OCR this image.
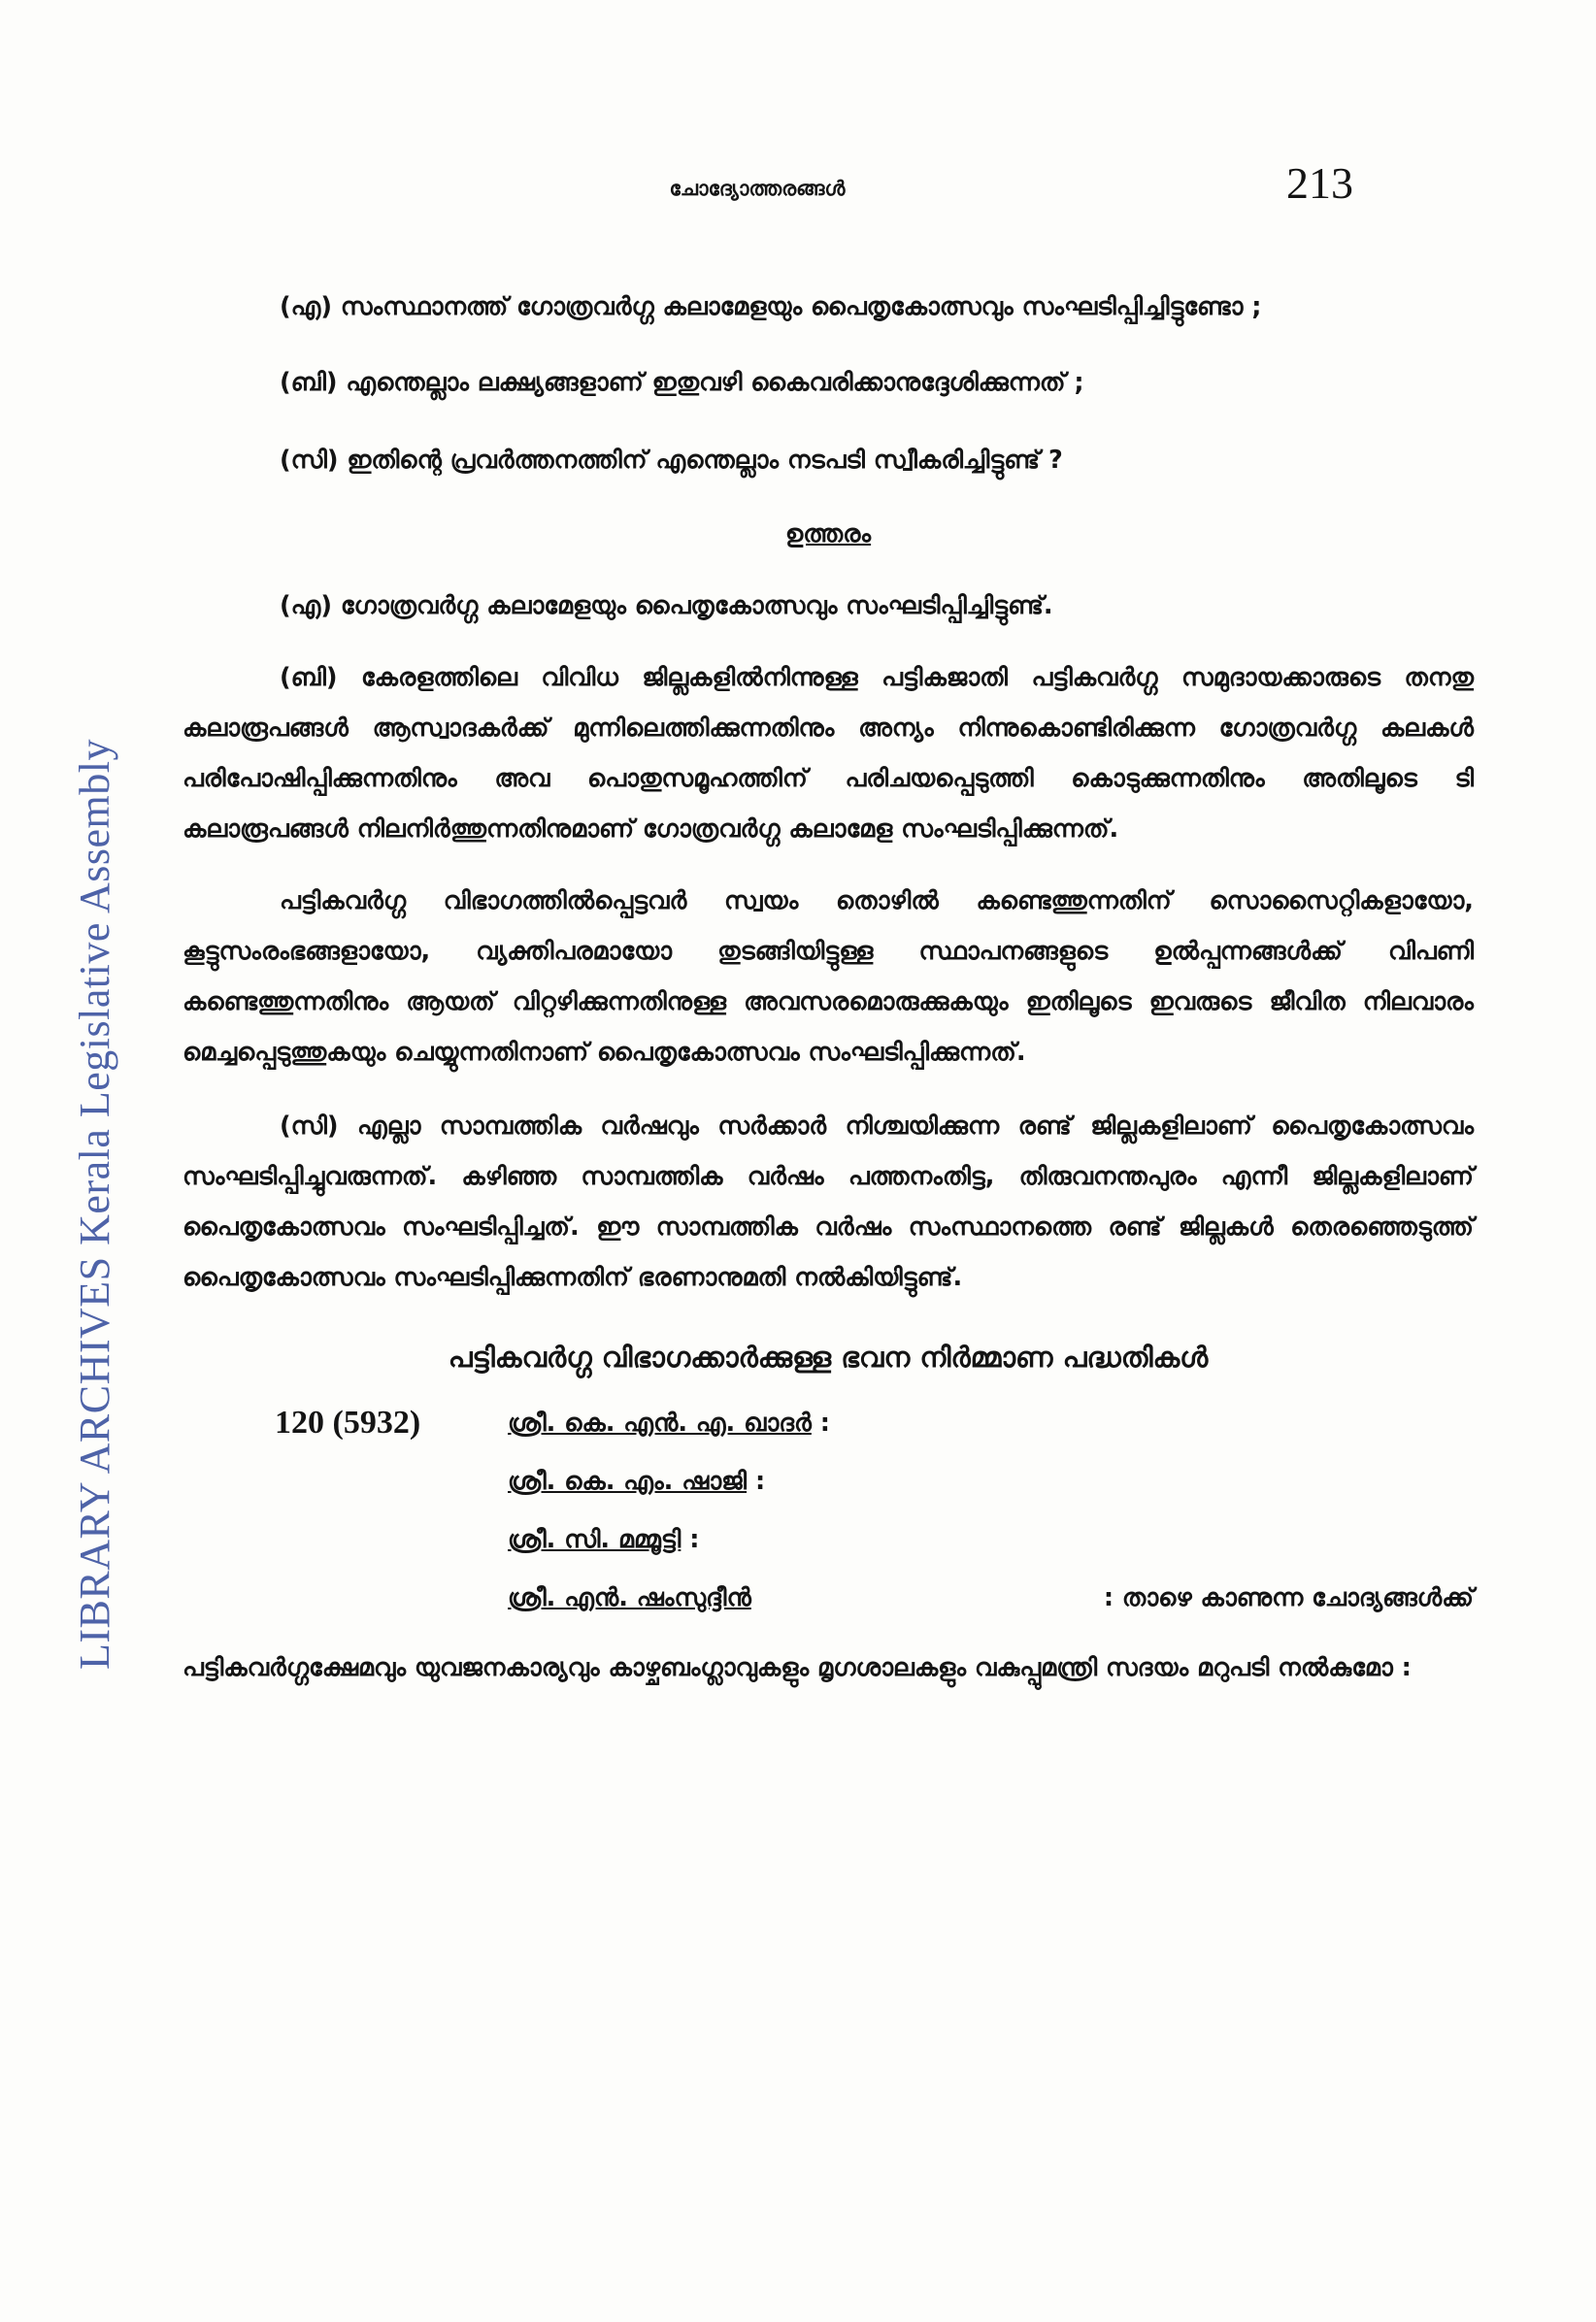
LIBRARY ARCHIVES Kerala Legislative Assembly
ചോദ്യോത്തരങ്ങൾ	213

(എ) സംസ്ഥാനത്ത് ഗോത്രവർഗ്ഗ കലാമേളയും പൈതൃകോത്സവും സംഘടിപ്പിച്ചിട്ടുണ്ടോ ;

(ബി) എന്തെല്ലാം ലക്ഷ്യങ്ങളാണ് ഇതുവഴി കൈവരിക്കാനുദ്ദേശിക്കുന്നത് ;

(സി) ഇതിന്റെ പ്രവർത്തനത്തിന് എന്തെല്ലാം നടപടി സ്വീകരിച്ചിട്ടുണ്ട് ?

ഉത്തരം

(എ) ഗോത്രവർഗ്ഗ കലാമേളയും പൈതൃകോത്സവും സംഘടിപ്പിച്ചിട്ടുണ്ട്.

(ബി) കേരളത്തിലെ വിവിധ ജില്ലകളിൽനിന്നുള്ള പട്ടികജാതി പട്ടികവർഗ്ഗ സമുദായക്കാരുടെ തനതു കലാരൂപങ്ങൾ ആസ്വാദകർക്ക് മുന്നിലെത്തിക്കുന്നതിനും അന്യം നിന്നുകൊണ്ടിരിക്കുന്ന ഗോത്രവർഗ്ഗ കലകൾ പരിപോഷിപ്പിക്കുന്നതിനും അവ പൊതുസമൂഹത്തിന് പരിചയപ്പെടുത്തി കൊടുക്കുന്നതിനും അതിലൂടെ ടി കലാരൂപങ്ങൾ നിലനിർത്തുന്നതിനുമാണ് ഗോത്രവർഗ്ഗ കലാമേള സംഘടിപ്പിക്കുന്നത്.

പട്ടികവർഗ്ഗ വിഭാഗത്തിൽപ്പെട്ടവർ സ്വയം തൊഴിൽ കണ്ടെത്തുന്നതിന് സൊസൈറ്റികളായോ, കൂട്ടുസംരംഭങ്ങളായോ, വ്യക്തിപരമായോ തുടങ്ങിയിട്ടുള്ള സ്ഥാപനങ്ങളുടെ ഉൽപ്പന്നങ്ങൾക്ക് വിപണി കണ്ടെത്തുന്നതിനും ആയത് വിറ്റഴിക്കുന്നതിനുള്ള അവസരമൊരുക്കുകയും ഇതിലൂടെ ഇവരുടെ ജീവിത നിലവാരം മെച്ചപ്പെടുത്തുകയും ചെയ്യുന്നതിനാണ് പൈതൃകോത്സവം സംഘടിപ്പിക്കുന്നത്.

(സി) എല്ലാ സാമ്പത്തിക വർഷവും സർക്കാർ നിശ്ചയിക്കുന്ന രണ്ട് ജില്ലകളിലാണ് പൈതൃകോത്സവം സംഘടിപ്പിച്ചുവരുന്നത്. കഴിഞ്ഞ സാമ്പത്തിക വർഷം പത്തനംതിട്ട, തിരുവനന്തപുരം എന്നീ ജില്ലകളിലാണ് പൈതൃകോത്സവം സംഘടിപ്പിച്ചത്. ഈ സാമ്പത്തിക വർഷം സംസ്ഥാനത്തെ രണ്ട് ജില്ലകൾ തെരഞ്ഞെടുത്ത് പൈതൃകോത്സവം സംഘടിപ്പിക്കുന്നതിന് ഭരണാനുമതി നൽകിയിട്ടുണ്ട്.

പട്ടികവർഗ്ഗ വിഭാഗക്കാർക്കുള്ള ഭവന നിർമ്മാണ പദ്ധതികൾ
120 (5932)	ശ്രീ. കെ. എൻ. എ. ഖാദർ :
ശ്രീ. കെ. എം. ഷാജി :
ശ്രീ. സി. മമ്മൂട്ടി :
ശ്രീ. എൻ. ഷംസുദ്ദീൻ	: താഴെ കാണുന്ന ചോദ്യങ്ങൾക്ക്

പട്ടികവർഗ്ഗക്ഷേമവും യുവജനകാര്യവും കാഴ്ചബംഗ്ലാവുകളും മൃഗശാലകളും വകുപ്പുമന്ത്രി സദയം മറുപടി നൽകുമോ :
